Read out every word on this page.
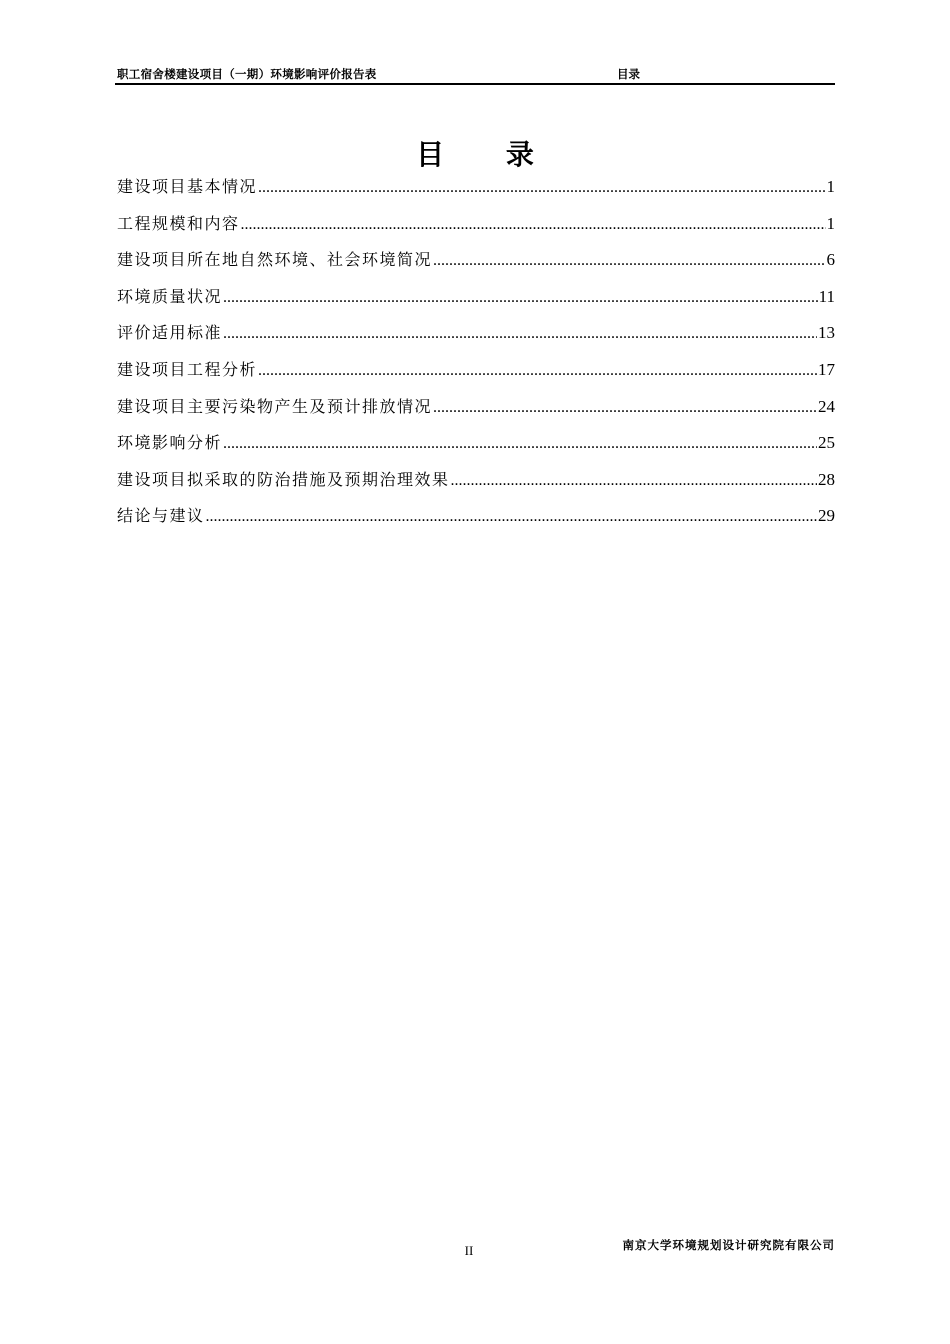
职工宿舍楼建设项目（一期）环境影响评价报告表	目录
目 录
建设项目基本情况 .....	1
工程规模和内容 .....	1
建设项目所在地自然环境、社会环境简况 .....	6
环境质量状况 .....	11
评价适用标准 .....	13
建设项目工程分析 .....	17
建设项目主要污染物产生及预计排放情况 .....	24
环境影响分析 .....	25
建设项目拟采取的防治措施及预期治理效果 .....	28
结论与建议 .....	29
II	南京大学环境规划设计研究院有限公司
